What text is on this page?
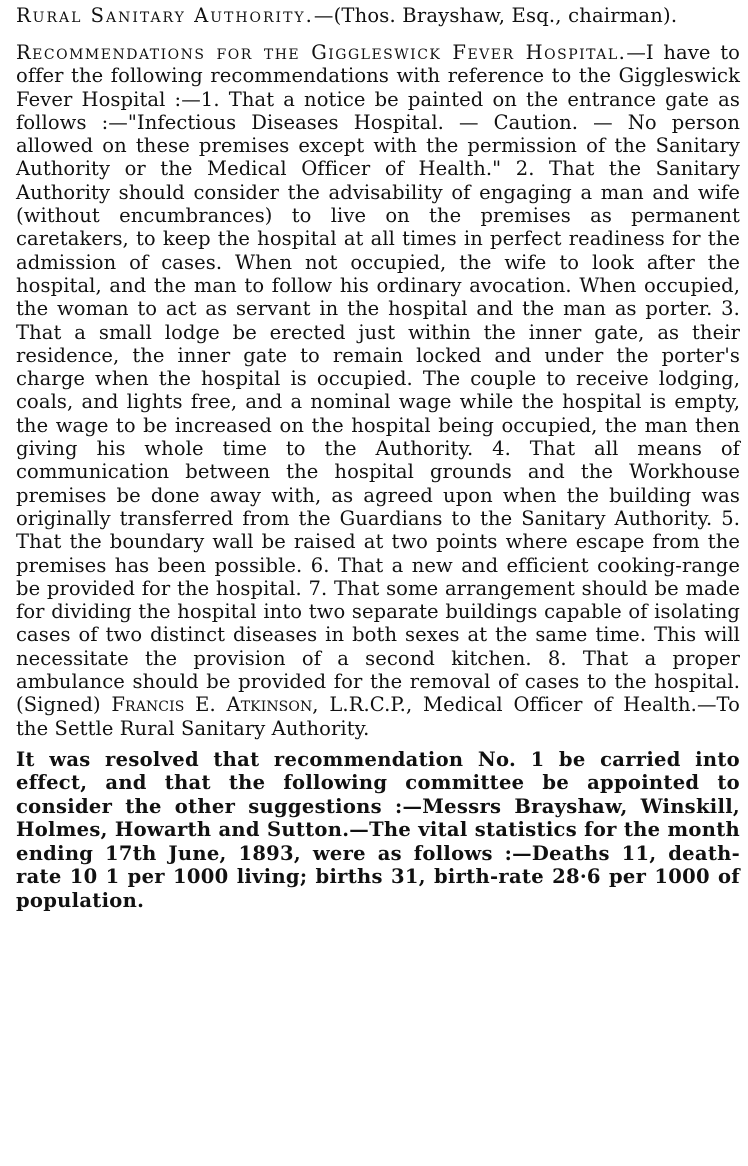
Rural Sanitary Authority.—(Thos. Brayshaw, Esq., chairman).

Recommendations for the Giggleswick Fever Hospital.—I have to offer the following recommendations with reference to the Giggleswick Fever Hospital :—1. That a notice be painted on the entrance gate as follows :—"Infectious Diseases Hospital. — Caution. — No person allowed on these premises except with the permission of the Sanitary Authority or the Medical Officer of Health." 2. That the Sanitary Authority should consider the advisability of engaging a man and wife (without encumbrances) to live on the premises as permanent caretakers, to keep the hospital at all times in perfect readiness for the admission of cases. When not occupied, the wife to look after the hospital, and the man to follow his ordinary avocation. When occupied, the woman to act as servant in the hospital and the man as porter. 3. That a small lodge be erected just within the inner gate, as their residence, the inner gate to remain locked and under the porter's charge when the hospital is occupied. The couple to receive lodging, coals, and lights free, and a nominal wage while the hospital is empty, the wage to be increased on the hospital being occupied, the man then giving his whole time to the Authority. 4. That all means of communication between the hospital grounds and the Workhouse premises be done away with, as agreed upon when the building was originally transferred from the Guardians to the Sanitary Authority. 5. That the boundary wall be raised at two points where escape from the premises has been possible. 6. That a new and efficient cooking-range be provided for the hospital. 7. That some arrangement should be made for dividing the hospital into two separate buildings capable of isolating cases of two distinct diseases in both sexes at the same time. This will necessitate the provision of a second kitchen. 8. That a proper ambulance should be provided for the removal of cases to the hospital. (Signed) Francis E. Atkinson, L.R.C.P., Medical Officer of Health.—To the Settle Rural Sanitary Authority.

It was resolved that recommendation No. 1 be carried into effect, and that the following committee be appointed to consider the other suggestions :—Messrs Brayshaw, Winskill, Holmes, Howarth and Sutton.—The vital statistics for the month ending 17th June, 1893, were as follows :—Deaths 11, death-rate 10 1 per 1000 living; births 31, birth-rate 28·6 per 1000 of population.
